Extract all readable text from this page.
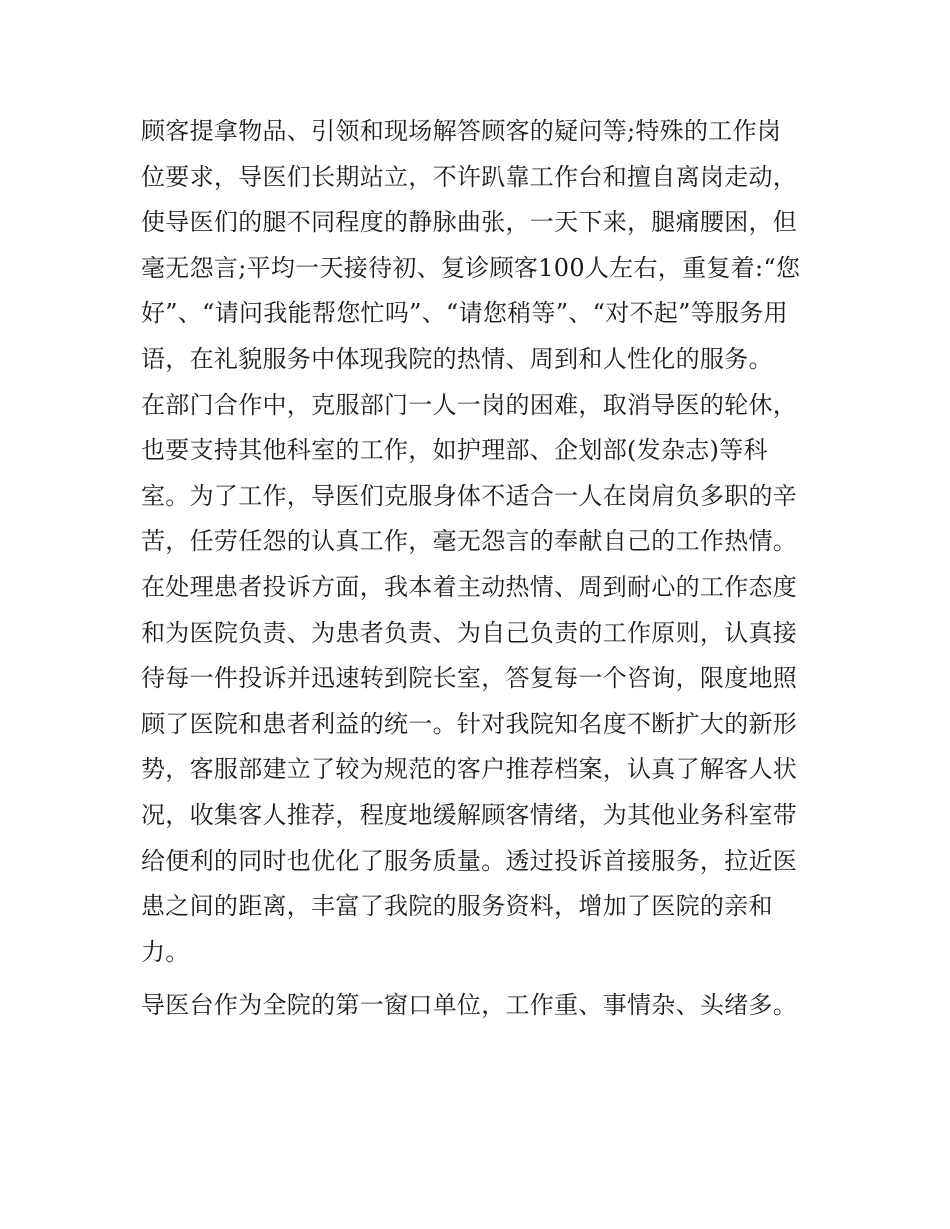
顾客提拿物品、引领和现场解答顾客的疑问等;特殊的工作岗
位要求，导医们长期站立，不许趴靠工作台和擅自离岗走动，
使导医们的腿不同程度的静脉曲张，一天下来，腿痛腰困，但
毫无怨言;平均一天接待初、复诊顾客100人左右，重复着:“您
好”、“请问我能帮您忙吗”、“请您稍等”、“对不起”等服务用
语，在礼貌服务中体现我院的热情、周到和人性化的服务。
在部门合作中，克服部门一人一岗的困难，取消导医的轮休，
也要支持其他科室的工作，如护理部、企划部(发杂志)等科
室。为了工作，导医们克服身体不适合一人在岗肩负多职的辛
苦，任劳任怨的认真工作，毫无怨言的奉献自己的工作热情。
在处理患者投诉方面，我本着主动热情、周到耐心的工作态度
和为医院负责、为患者负责、为自己负责的工作原则，认真接
待每一件投诉并迅速转到院长室，答复每一个咨询，限度地照
顾了医院和患者利益的统一。针对我院知名度不断扩大的新形
势，客服部建立了较为规范的客户推荐档案，认真了解客人状
况，收集客人推荐，程度地缓解顾客情绪，为其他业务科室带
给便利的同时也优化了服务质量。透过投诉首接服务，拉近医
患之间的距离，丰富了我院的服务资料，增加了医院的亲和
力。
导医台作为全院的第一窗口单位，工作重、事情杂、头绪多。
